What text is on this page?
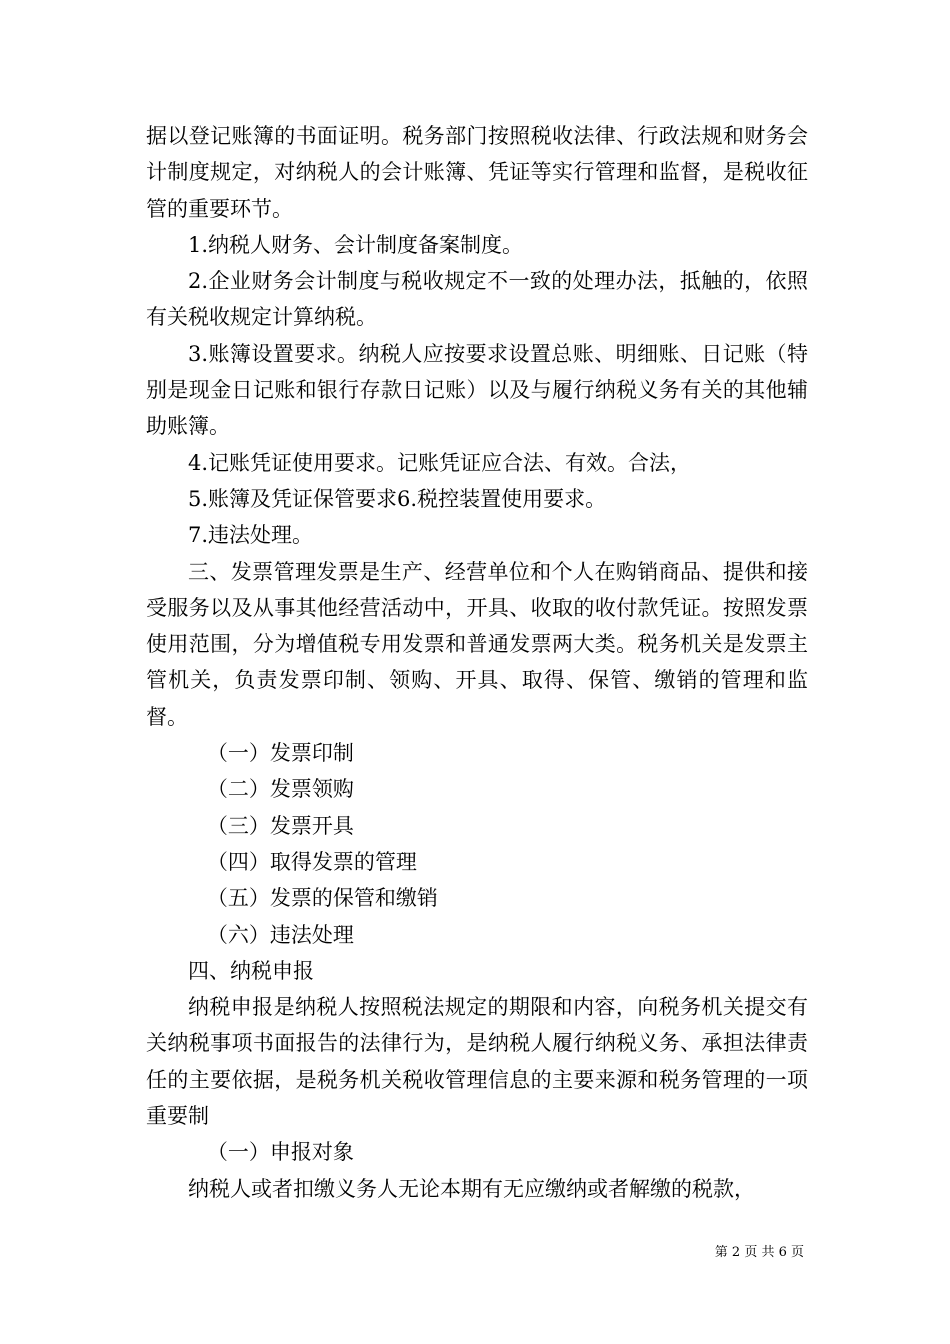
据以登记账簿的书面证明。税务部门按照税收法律、行政法规和财务会计制度规定，对纳税人的会计账簿、凭证等实行管理和监督，是税收征管的重要环节。

1.纳税人财务、会计制度备案制度。

2.企业财务会计制度与税收规定不一致的处理办法，抵触的，依照有关税收规定计算纳税。

3.账簿设置要求。纳税人应按要求设置总账、明细账、日记账（特别是现金日记账和银行存款日记账）以及与履行纳税义务有关的其他辅助账簿。

4.记账凭证使用要求。记账凭证应合法、有效。合法，

5.账簿及凭证保管要求6.税控装置使用要求。

7.违法处理。

三、发票管理发票是生产、经营单位和个人在购销商品、提供和接受服务以及从事其他经营活动中，开具、收取的收付款凭证。按照发票使用范围，分为增值税专用发票和普通发票两大类。税务机关是发票主管机关，负责发票印制、领购、开具、取得、保管、缴销的管理和监督。

（一）发票印制

（二）发票领购

（三）发票开具

（四）取得发票的管理

（五）发票的保管和缴销

（六）违法处理

四、纳税申报

纳税申报是纳税人按照税法规定的期限和内容，向税务机关提交有关纳税事项书面报告的法律行为，是纳税人履行纳税义务、承担法律责任的主要依据，是税务机关税收管理信息的主要来源和税务管理的一项重要制

（一）申报对象

纳税人或者扣缴义务人无论本期有无应缴纳或者解缴的税款，

第 2 页 共 6 页
